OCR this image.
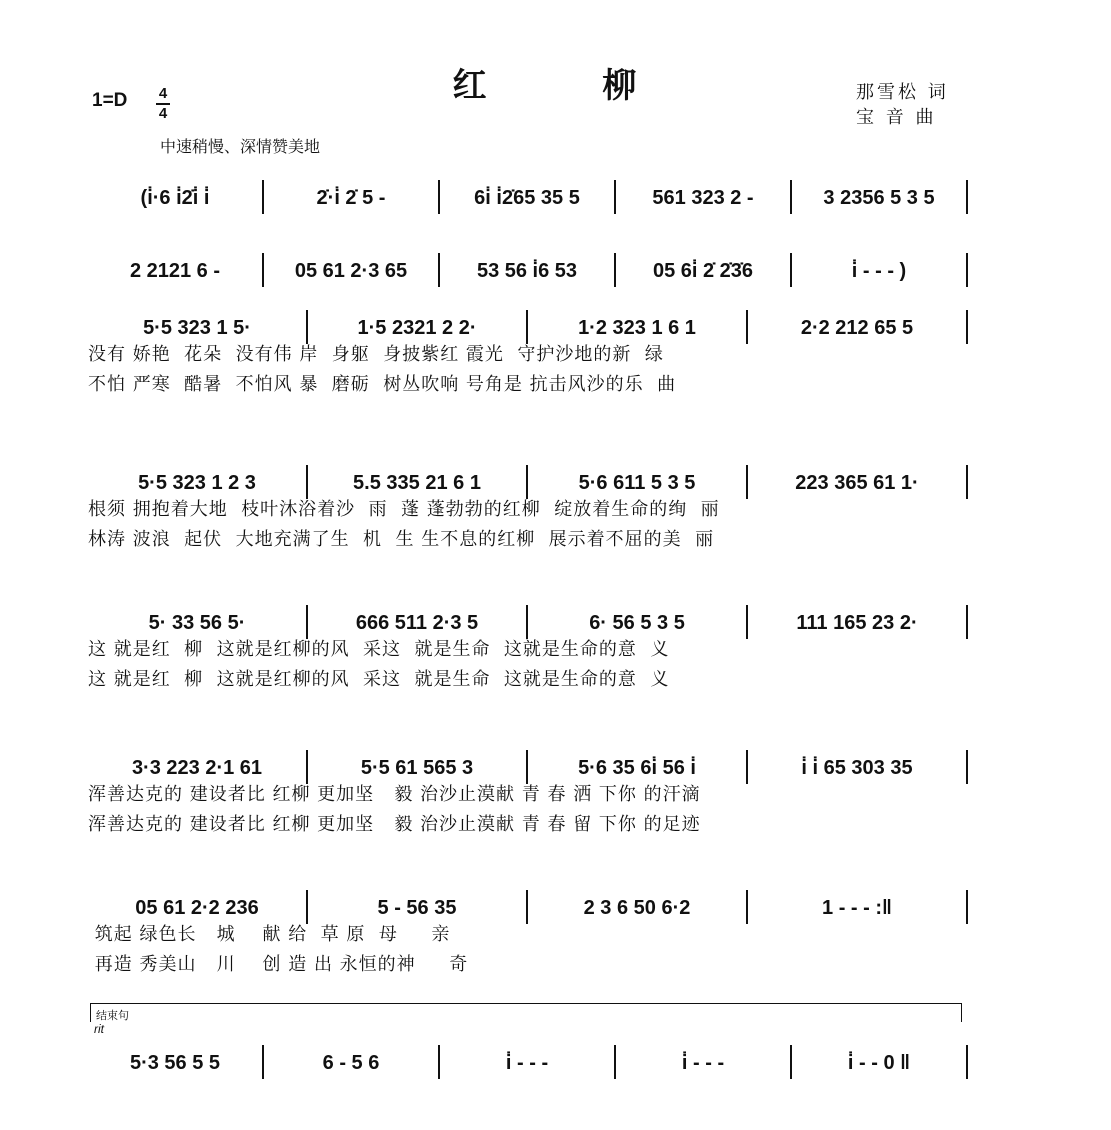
红 柳
1=D 4
4
那雪松 词
宝 音 曲
中速稍慢、深情赞美地
(i̇·6 i̇2̇i̇ i̇	2̇·i̇ 2̇ 5 -	6i̇ i̇2̇65 35 5	561 323 2 -	3 2356 5 3 5
2 2121 6 -	05 61 2·3 65	53 56 i̇6 53	05 6i̇ 2̇ 2̇3̇6	i̇ - - - )
5·5 323 1 5·	1·5 2321 2 2·	1·2 323 1 6 1	2·2 212 65 5
没有 娇艳  花朵  没有伟 岸  身躯  身披紫红 霞光  守护沙地的新  绿
不怕 严寒  酷暑  不怕风 暴  磨砺  树丛吹响 号角是 抗击风沙的乐  曲
5·5 323 1 2 3	5.5 335 21 6 1	5·6 611 5 3 5	223 365 61 1·
根须 拥抱着大地  枝叶沐浴着沙  雨  蓬 蓬勃勃的红柳  绽放着生命的绚  丽
林涛 波浪  起伏  大地充满了生  机  生 生不息的红柳  展示着不屈的美  丽
5· 33 56 5·	666 511 2·3 5	6· 56 5 3 5	111 165 23 2·
这 就是红  柳  这就是红柳的风  采这  就是生命  这就是生命的意  义
这 就是红  柳  这就是红柳的风  采这  就是生命  这就是生命的意  义
3·3 223 2·1 61	5·5 61 565 3	5·6 35 6i̇ 56 i̇	i̇ i̇ 65 303 35
浑善达克的 建设者比 红柳 更加坚   毅 治沙止漠献 青 春 洒 下你 的汗滴
浑善达克的 建设者比 红柳 更加坚   毅 治沙止漠献 青 春 留 下你 的足迹
05 61 2·2 236	5 - 56 35	2 3 6 50 6·2	1 - - - :‖
筑起 绿色长   城    献 给  草 原  母     亲
再造 秀美山   川    创 造 出 永恒的神     奇
5·3 56 5 5	6 - 5 6	i̇ - - -	i̇ - - -	i̇ - - 0 ‖
结束句
rit
